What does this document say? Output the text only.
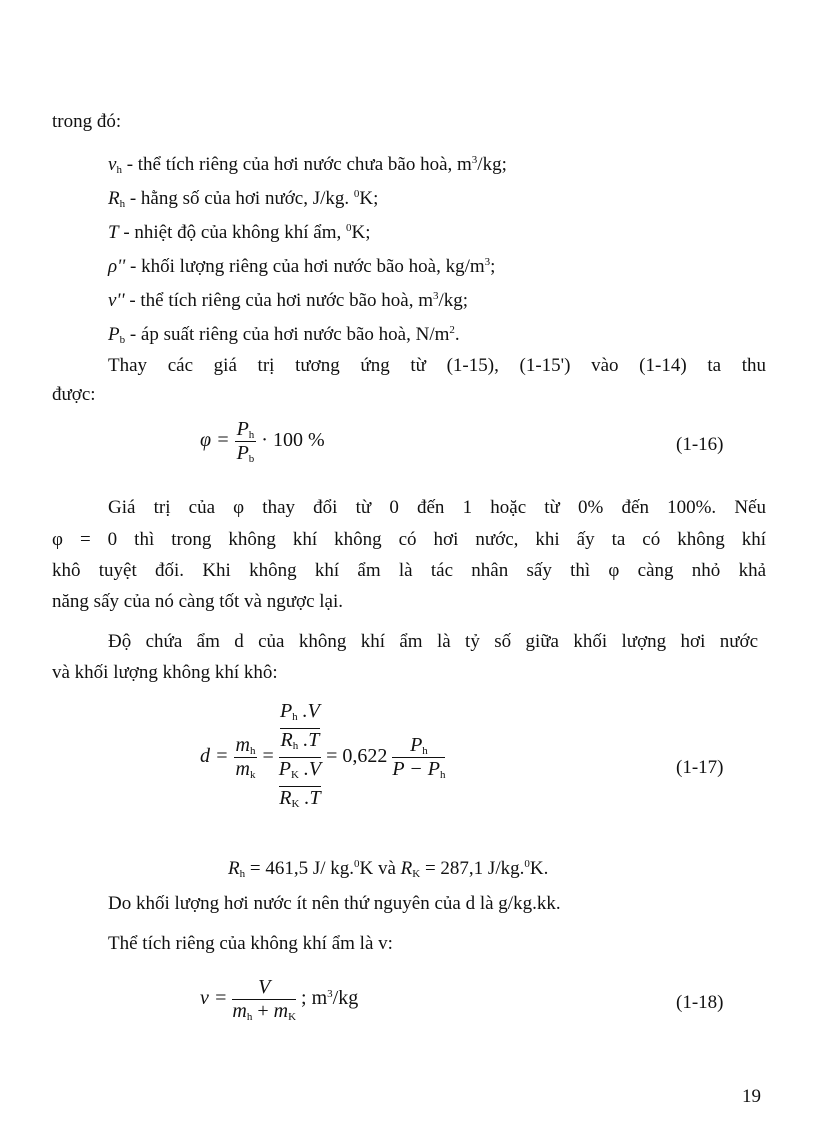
trong đó:
$v_h$ - thể tích riêng của hơi nước chưa bão hoà, $m^3/kg$;
$R_h$ - hằng số của hơi nước, J/kg. $^0$K;
T - nhiệt độ của không khí ẩm, $^0$K;
ρ'' - khối lượng riêng của hơi nước bão hoà, $kg/m^3$;
v'' - thể tích riêng của hơi nước bão hoà, $m^3/kg$;
$P_b$ - áp suất riêng của hơi nước bão hoà, $N/m^2$.
Thay các giá trị tương ứng từ (1-15), (1-15') vào (1-14) ta thu
được:
$\varphi = \frac{P_h}{P_b} \cdot 100$ %	(1-16)
Giá trị của φ thay đổi từ 0 đến 1 hoặc từ 0% đến 100%. Nếu
φ = 0 thì trong không khí không có hơi nước, khi ấy ta có không khí
khô tuyệt đối. Khi không khí ẩm là tác nhân sấy thì φ càng nhỏ khả
năng sấy của nó càng tốt và ngược lại.
Độ chứa ẩm d của không khí ẩm là tỷ số giữa khối lượng hơi nước
và khối lượng không khí khô:
$d = \frac{m_h}{m_k} = \frac{\frac{P_h .V}{R_h .T}}{\frac{P_K .V}{R_K .T}} = 0,622 \frac{P_h}{P - P_h}$	(1-17)
$R_h = 461,5$ J/ kg.$^0$K và $R_K = 287,1$ J/kg.$^0$K.
Do khối lượng hơi nước ít nên thứ nguyên của d là g/kg.kk.
Thể tích riêng của không khí ẩm là v:
$v = \frac{V}{m_h + m_K}$ ; $m^3/kg$	(1-18)
19
